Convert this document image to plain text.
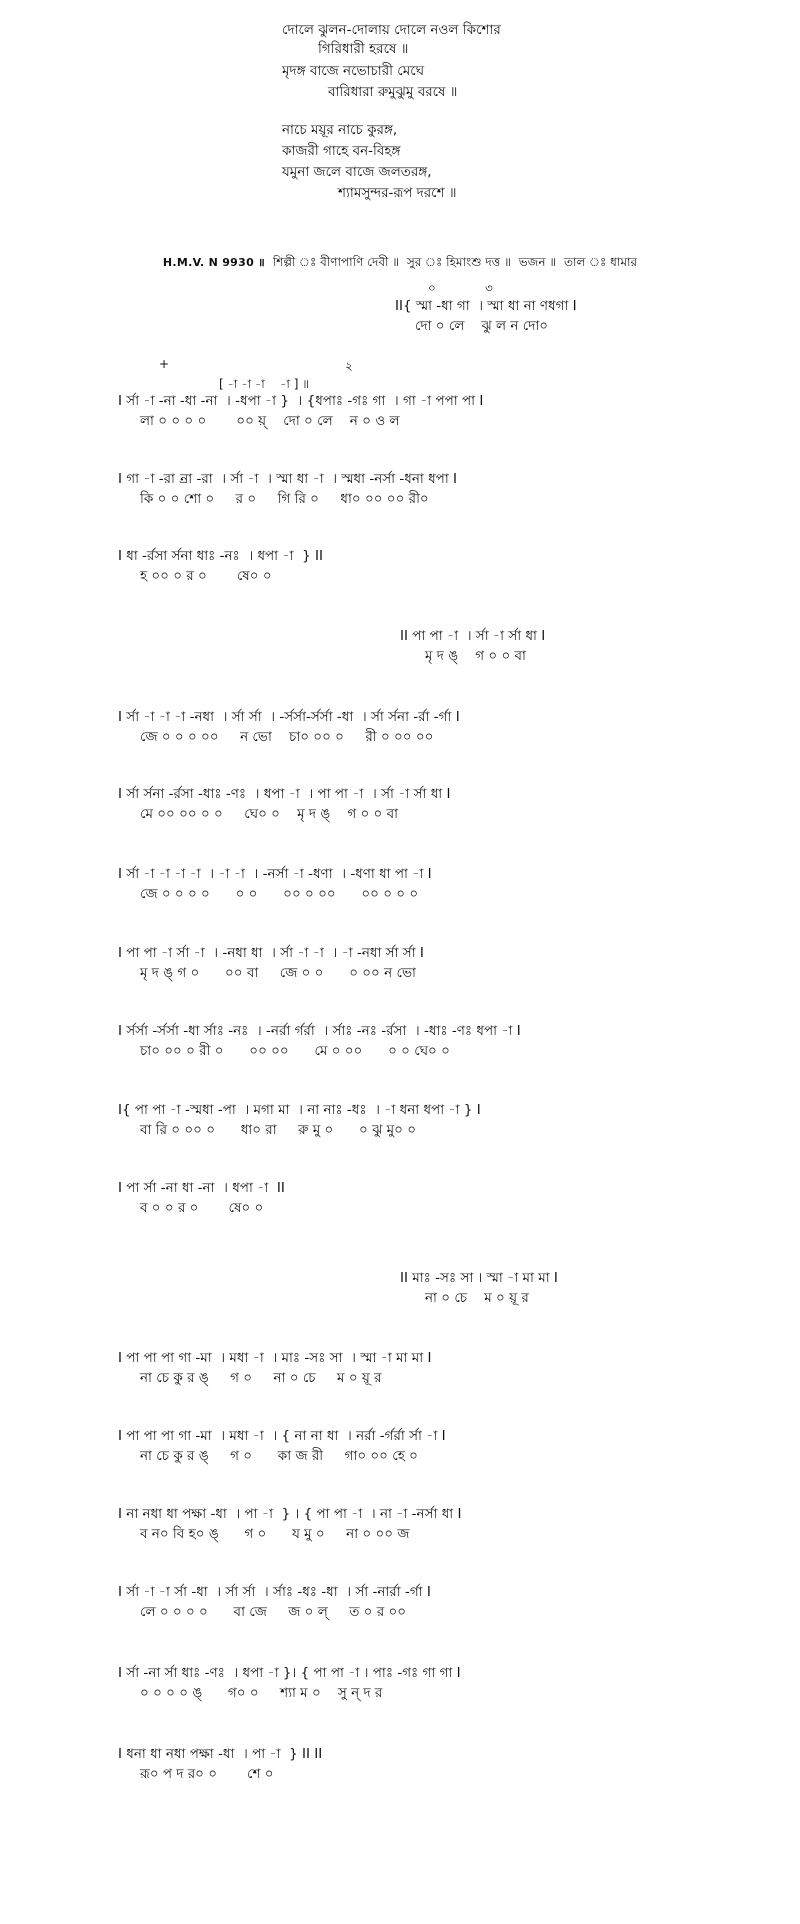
দোলে ঝুলন-দোলায় দোলে নওল কিশোর
গিরিধারী হরষে ॥
মৃদঙ্গ বাজে নভোচারী মেঘে
বারিধারা রুমুঝুমু বরষে ॥
নাচে ময়ূর নাচে কুরঙ্গ,
কাজরী গাহে বন-বিহঙ্গ
যমুনা জলে বাজে জলতরঙ্গ,
শ্যামসুন্দর-রূপ দরশে ॥
H.M.V. N 9930 ॥ শিল্পী ঃ বীণাপাণি দেবী ॥ সুর ঃ হিমাংশু দত্ত ॥ ভজন ॥ তাল ঃ ধামার
II{ স্মা -ধা গা  । স্মা ধা না ণধগা I
দো ০ লে    ঝু ল ন দো০
I র্সা -া -না -ধা -না  । -ধপা -া }  । {ধপাঃ -গঃ গা  । গা -া পপা পা I
লা ০ ০ ০ ০       ০০ য়্    দো ০ লে    ন ০ ও ল
I গা -া -রা ন্রা -রা  । র্সা -া  । স্মা ধা -া  । স্মধা -নর্সা -ধনা ধপা I
কি ০ ০ শো ০     র ০     গি রি ০     ধা০ ০০ ০০ রী০
I ধা -র্রসা র্সনা ধাঃ -নঃ  । ধপা -া  } II
হ ০০ ০ র ০       ষে০ ০
II পা পা -া  । র্সা -া র্সা ধা I
মৃ দ ঙ্    গ ০ ০ বা
I র্সা -া -া -া -নধা  । র্সা র্সা  । -র্সর্সা-র্সর্সা -ধা  । র্সা র্সনা -র্রা -র্গা I
জে ০ ০ ০ ০০     ন ভো    চা০ ০০ ০     রী ০ ০০ ০০
I র্সা র্সনা -র্রসা -ধাঃ -ণঃ  । ধপা -া  । পা পা -া  । র্সা -া র্সা ধা I
মে ০০ ০০ ০ ০     ঘে০ ০    মৃ দ ঙ্    গ ০ ০ বা
I র্সা -া -া -া -া  । -া -া  । -নর্সা -া -ধণা  । -ধণা ধা পা -া I
জে ০ ০ ০ ০      ০ ০      ০০ ০ ০০      ০০ ০ ০ ০
I পা পা -া র্সা -া  । -নধা ধা  । র্সা -া -া  । -া -নধা র্সা র্সা I
মৃ দ ঙ্ গ ০      ০০ বা     জে ০ ০      ০ ০০ ন ভো
I র্সর্সা -র্সর্সা -ধা র্সাঃ -নঃ  । -নর্রা র্গর্রা  । র্সাঃ -নঃ -র্রসা  । -ধাঃ -ণঃ ধপা -া I
চা০ ০০ ০ রী ০      ০০ ০০      মে ০ ০০      ০ ০ ঘে০ ০
I{ পা পা -া -স্মধা -পা  । মগা মা  । না নাঃ -ধঃ  । -া ধনা ধপা -া } I
বা রি ০ ০০ ০      ধা০ রা     রু মু ০      ০ ঝু মু০ ০
I পা র্সা -না ধা -না  । ধপা -া  II
ব ০ ০ র ০       ষে০ ০
II মাঃ -সঃ সা । স্মা -া মা মা I
না ০ চে    ম ০ য়ূ র
I পা পা পা গা -মা  । মধা -া  । মাঃ -সঃ সা  । স্মা -া মা মা I
না চে কু র ঙ্     গ ০     না ০ চে     ম ০ য়ূ র
I পা পা পা গা -মা  । মধা -া  । { না না ধা  । নর্রা -র্গর্রা র্সা -া I
না চে কু র ঙ্     গ ০      কা জ রী     গা০ ০০ হে ০
I না নধা ধা পক্ষা -ধা  । পা -া  } । { পা পা -া  । না -া -নর্সা ধা I
ব ন০ বি হ০ ঙ্      গ ০      য মু ০     না ০ ০০ জ
I র্সা -া -া র্সা -ধা  । র্সা র্সা  । র্সাঃ -ধঃ -ধা  । র্সা -নার্রা -র্গা I
লে ০ ০ ০ ০      বা জে     জ ০ ল্     ত ০ র ০০
I র্সা -না র্সা ধাঃ -ণঃ  । ধপা -া }। { পা পা -া । পাঃ -গঃ গা গা I
০ ০ ০ ০ ঙ্      গ০ ০     শ্যা ম ০    সু ন্ দ র
I ধনা ধা নধা পক্ষা -ধা  । পা -া  } II II
রূ০ প দ র০ ০       শে ০
০	৩
+
[ -া -া -া    -া ] ॥
২
